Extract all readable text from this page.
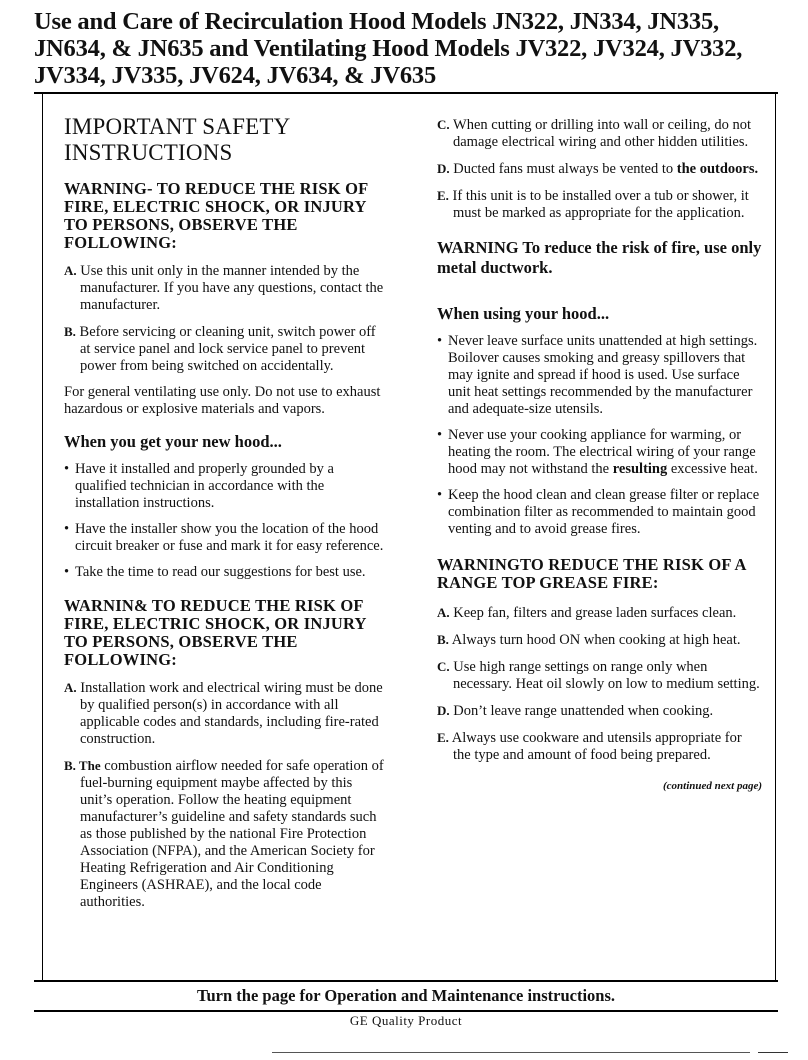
Use and Care of Recirculation Hood Models JN322, JN334, JN335, JN634, & JN635 and Ventilating Hood Models JV322, JV324, JV332, JV334, JV335, JV624, JV634, & JV635
IMPORTANT SAFETY INSTRUCTIONS
WARNING- TO REDUCE THE RISK OF FIRE, ELECTRIC SHOCK, OR INJURY TO PERSONS, OBSERVE THE FOLLOWING:
A. Use this unit only in the manner intended by the manufacturer. If you have any questions, contact the manufacturer.
B. Before servicing or cleaning unit, switch power off at service panel and lock service panel to prevent power from being switched on accidentally.
For general ventilating use only. Do not use to exhaust hazardous or explosive materials and vapors.
When you get your new hood...
• Have it installed and properly grounded by a qualified technician in accordance with the installation instructions.
• Have the installer show you the location of the hood circuit breaker or fuse and mark it for easy reference.
• Take the time to read our suggestions for best use.
WARNIN& TO REDUCE THE RISK OF FIRE, ELECTRIC SHOCK, OR INJURY TO PERSONS, OBSERVE THE FOLLOWING:
A. Installation work and electrical wiring must be done by qualified person(s) in accordance with all applicable codes and standards, including fire-rated construction.
B. The combustion airflow needed for safe operation of fuel-burning equipment maybe affected by this unit’s operation. Follow the heating equipment manufacturer’s guideline and safety standards such as those published by the national Fire Protection Association (NFPA), and the American Society for Heating Refrigeration and Air Conditioning Engineers (ASHRAE), and the local code authorities.
C. When cutting or drilling into wall or ceiling, do not damage electrical wiring and other hidden utilities.
D. Ducted fans must always be vented to the outdoors.
E. If this unit is to be installed over a tub or shower, it must be marked as appropriate for the application.
WARNING To reduce the risk of fire, use only metal ductwork.
When using your hood...
• Never leave surface units unattended at high settings. Boilover causes smoking and greasy spillovers that may ignite and spread if hood is used. Use surface unit heat settings recommended by the manufacturer and adequate-size utensils.
• Never use your cooking appliance for warming, or heating the room. The electrical wiring of your range hood may not withstand the resulting excessive heat.
• Keep the hood clean and clean grease filter or replace combination filter as recommended to maintain good venting and to avoid grease fires.
WARNINGTO REDUCE THE RISK OF A RANGE TOP GREASE FIRE:
A. Keep fan, filters and grease laden surfaces clean.
B. Always turn hood ON when cooking at high heat.
C. Use high range settings on range only when necessary. Heat oil slowly on low to medium setting.
D. Don’t leave range unattended when cooking.
E. Always use cookware and utensils appropriate for the type and amount of food being prepared.
(continued next page)
Turn the page for Operation and Maintenance instructions.
GE Quality Product
